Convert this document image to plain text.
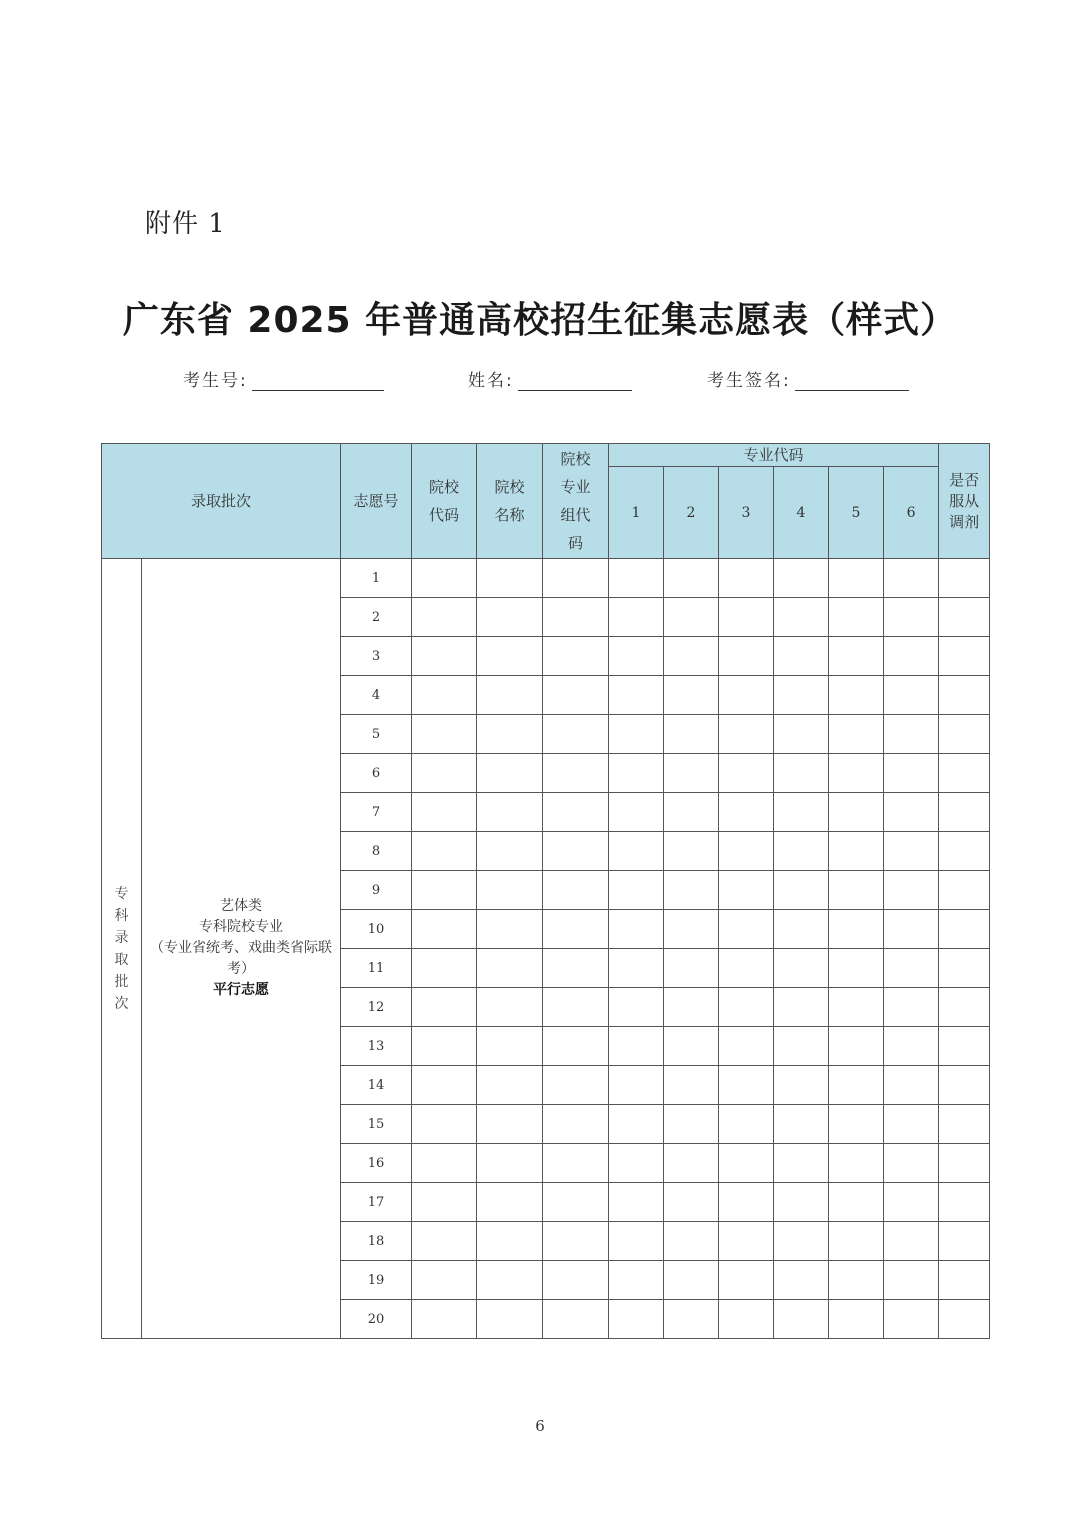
附件 1
广东省 2025 年普通高校招生征集志愿表（样式）
考生号:	姓名:	考生签名:
录取批次		志愿号	院校代码	院校名称	院校专业组代码	专业代码						是否服从调剂

						1	2	3	4	5	6	

专科录取批次	艺体类
专科院校专业
（专业省统考、戏曲类省际联考）
平行志愿	1										
		2										
		3										
		4										
		5										
		6										
		7										
		8										
		9										
		10										
		11										
		12										
		13										
		14										
		15										
		16										
		17										
		18										
		19										
		20										
6
